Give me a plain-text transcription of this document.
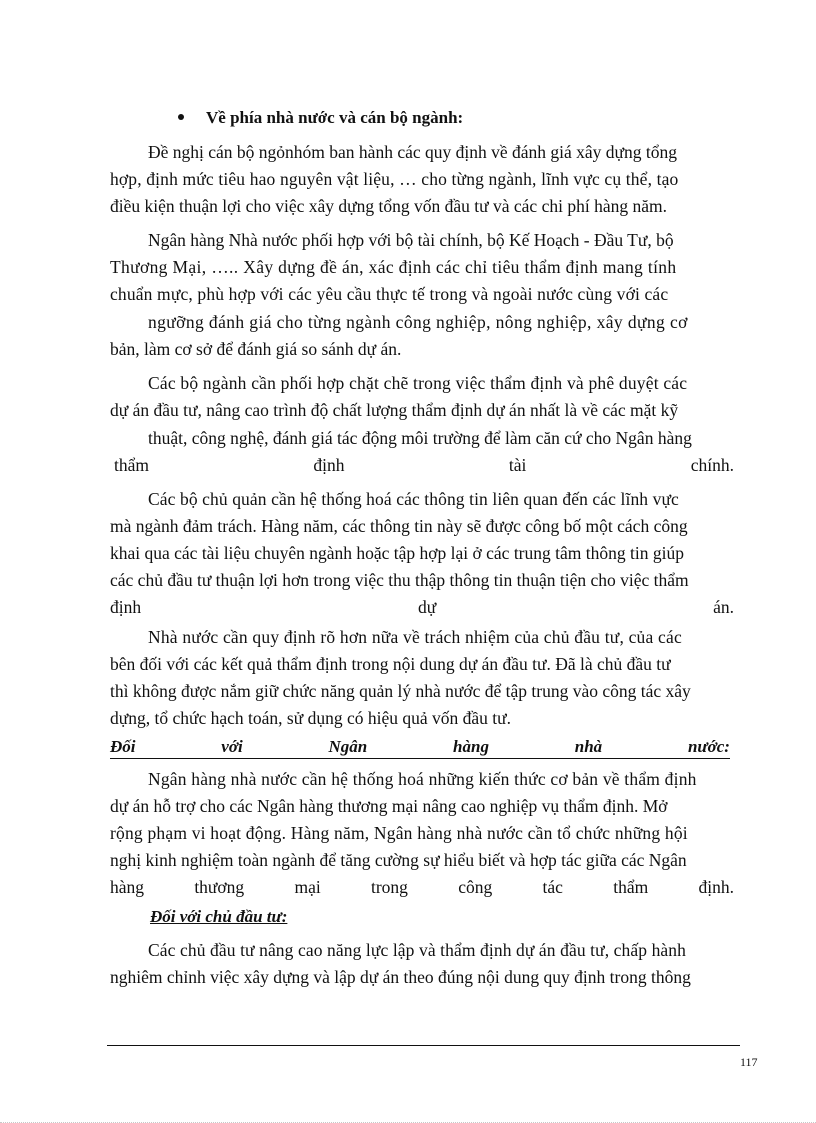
Về phía nhà nước và cán bộ ngành:
Đề nghị cán bộ ngỏnhóm ban hành các quy định về đánh giá xây dựng tổng
hợp, định mức tiêu hao nguyên vật liệu, … cho từng ngành, lĩnh vực cụ thể, tạo
điều kiện thuận lợi cho việc xây dựng tổng vốn đầu tư và các chi phí hàng năm.
Ngân hàng Nhà nước phối hợp với bộ tài chính, bộ Kế Hoạch - Đầu Tư, bộ
Thương Mại, ….. Xây dựng đề án, xác định các chỉ tiêu thẩm định mang tính
chuẩn mực, phù hợp với các yêu cầu thực tế trong và ngoài nước cùng với các
ngưỡng đánh giá cho từng ngành công nghiệp, nông nghiệp, xây dựng cơ
bản, làm cơ sở để đánh giá so sánh dự án.
Các bộ ngành cần phối hợp chặt chẽ trong việc thẩm định và phê duyệt các
dự án đầu tư, nâng cao trình độ chất lượng thẩm định dự án nhất là về các mặt kỹ
thuật, công nghệ, đánh giá tác động môi trường để làm căn cứ cho Ngân hàng
thẩm	định	tài	chính.
Các bộ chủ quản cần hệ thống hoá các thông tin liên quan đến các lĩnh vực
mà ngành đảm trách. Hàng năm, các thông tin này sẽ được công bố một cách công
khai qua các tài liệu chuyên ngành hoặc tập hợp lại ở các trung tâm thông tin giúp
các chủ đầu tư thuận lợi hơn trong việc thu thập thông tin thuận tiện cho việc thẩm
định	dự	án.
Nhà nước cần quy định rõ hơn nữa về trách nhiệm của chủ đầu tư, của các
bên đối với các kết quả thẩm định trong nội dung dự án đầu tư. Đã là chủ đầu tư
thì không được nắm giữ chức năng quản lý nhà nước để tập trung vào công tác xây
dựng, tổ chức hạch toán, sử dụng có hiệu quả vốn đầu tư.
Đối	với	Ngân	hàng	nhà	nước:
Ngân hàng nhà nước cần hệ thống hoá những kiến thức cơ bản về thẩm định
dự án hỗ trợ cho các Ngân hàng thương mại nâng cao nghiệp vụ thẩm định. Mở
rộng phạm vi hoạt động. Hàng năm, Ngân hàng nhà nước cần tổ chức những hội
nghị kinh nghiệm toàn ngành để tăng cường sự hiểu biết và hợp tác giữa các Ngân
hàng	thương	mại	trong	công	tác	thẩm	định.
Đối với chủ đầu tư:
Các chủ đầu tư nâng cao năng lực lập và thẩm định dự án đầu tư, chấp hành
nghiêm chỉnh việc xây dựng và lập dự án theo đúng nội dung quy định trong thông
117
